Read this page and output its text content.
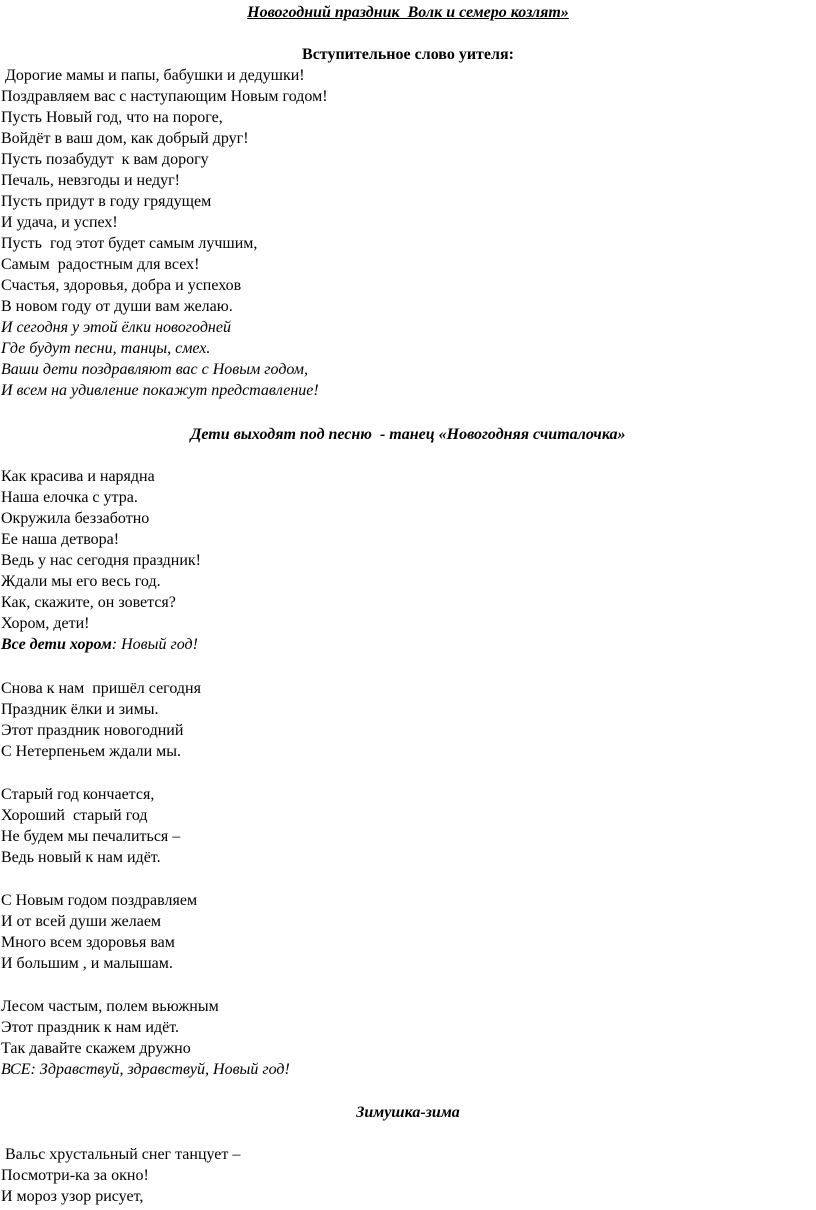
Новогодний праздник  Волк и семеро козлят»
Вступительное слово уителя:
Дорогие мамы и папы, бабушки и дедушки!
Поздравляем вас с наступающим Новым годом!
Пусть Новый год, что на пороге,
Войдёт в ваш дом, как добрый друг!
Пусть позабудут  к вам дорогу
Печаль, невзгоды и недуг!
Пусть придут в году грядущем
И удача, и успех!
Пусть  год этот будет самым лучшим,
Самым  радостным для всех!
Счастья, здоровья, добра и успехов
В новом году от души вам желаю.
И сегодня у этой ёлки новогодней
Где будут песни, танцы, смех.
Ваши дети поздравляют вас с Новым годом,
И всем на удивление покажут представление!
Дети выходят под песню  - танец «Новогодняя считалочка»
Как красива и нарядна
Наша елочка с утра.
Окружила беззаботно
Ее наша детвора!
Ведь у нас сегодня праздник!
Ждали мы его весь год.
Как, скажите, он зовется?
Хором, дети!
Все дети хором: Новый год!
Снова к нам  пришёл сегодня
Праздник ёлки и зимы.
Этот праздник новогодний
С Нетерпеньем ждали мы.
Старый год кончается,
Хороший  старый год
Не будем мы печалиться –
Ведь новый к нам идёт.
С Новым годом поздравляем
И от всей души желаем
Много всем здоровья вам
И большим , и малышам.
Лесом частым, полем вьюжным
Этот праздник к нам идёт.
Так давайте скажем дружно
ВСЕ: Здравствуй, здравствуй, Новый год!
Зимушка-зима
Вальс хрустальный снег танцует –
Посмотри-ка за окно!
И мороз узор рисует,
